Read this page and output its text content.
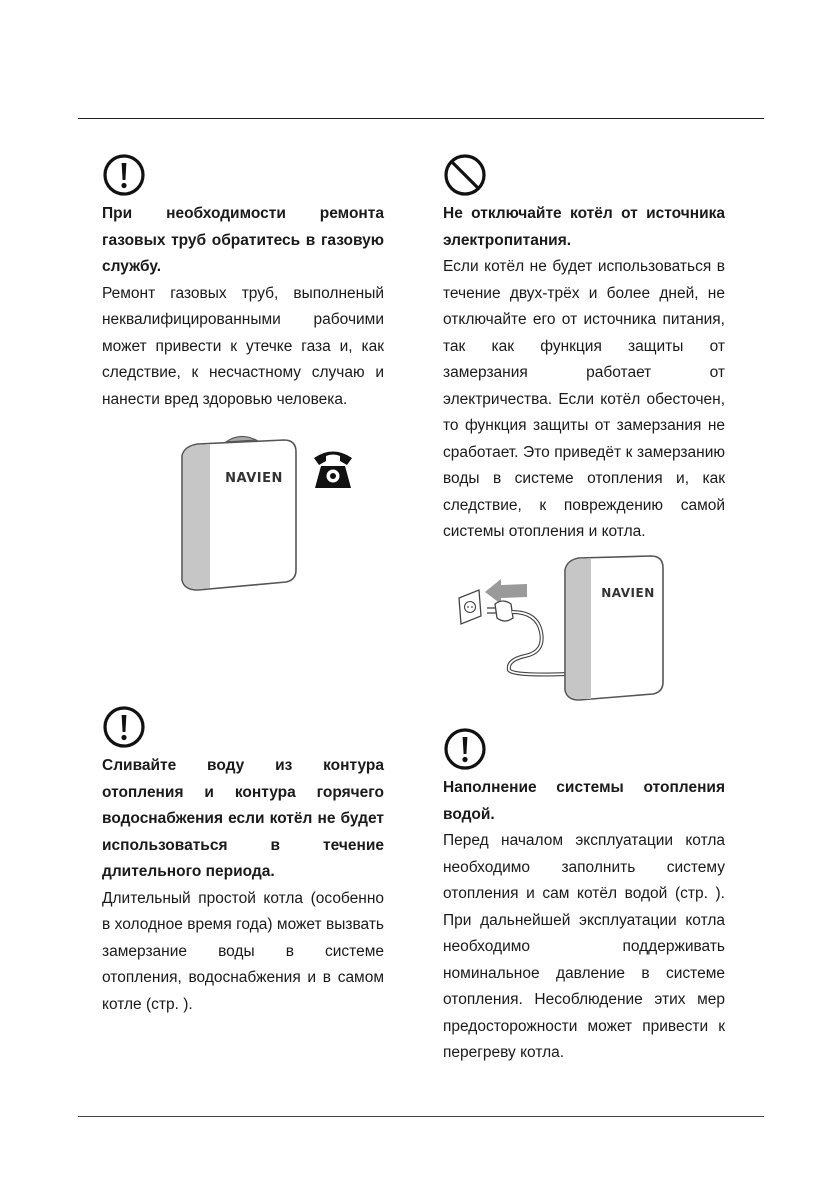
При необходимости ремонта газовых труб обратитесь в газовую службу.

Ремонт газовых труб, выполненый неквалифицированными рабочими может привести к утечке газа и, как следствие, к несчастному случаю и нанести вред здоровью человека.

Не отключайте котёл от источника электропитания.

Если котёл не будет использоваться в течение двух-трёх и более дней, не отключайте его от источника питания, так как функция защиты от замерзания работает от электричества. Если котёл обесточен, то функция защиты от замерзания не сработает. Это приведёт к замерзанию воды в системе отопления и, как следствие, к повреждению самой системы отопления и котла.

Сливайте воду из контура отопления и контура горячего водоснабжения если котёл не будет использоваться в течение длительного периода.

Длительный простой котла (особенно в холодное время года) может вызвать замерзание воды в системе отопления, водоснабжения и в самом котле (стр. ).

Наполнение системы отопления водой.

Перед началом эксплуатации котла необходимо заполнить систему отопления и сам котёл водой (стр. ). При дальнейшей эксплуатации котла необходимо поддерживать номинальное давление в системе отопления. Несоблюдение этих мер предосторожности может привести к перегреву котла.

NAVIEN
NAVIEN
